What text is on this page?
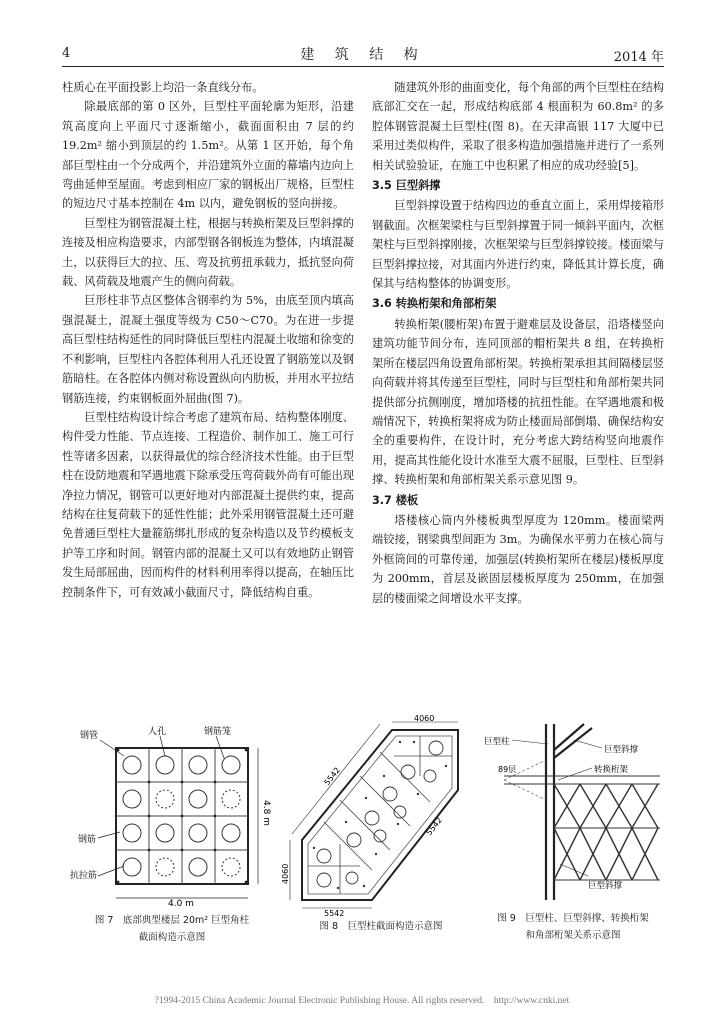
4	建 筑 结 构	2014 年

柱质心在平面投影上均沿一条直线分布。

除最底部的第 0 区外，巨型柱平面轮廓为矩形，沿建筑高度向上平面尺寸逐渐缩小，截面面积由 7 层的约 19.2m² 缩小到顶层的约 1.5m²。从第 1 区开始，每个角部巨型柱由一个分成两个，并沿建筑外立面的幕墙内边向上弯曲延伸至屋面。考虑到相应厂家的钢板出厂规格，巨型柱的短边尺寸基本控制在 4m 以内，避免钢板的竖向拼接。

巨型柱为钢管混凝土柱，根据与转换桁架及巨型斜撑的连接及相应构造要求，内部型钢各钢板连为整体，内填混凝土，以获得巨大的拉、压、弯及抗剪扭承载力，抵抗竖向荷载、风荷载及地震产生的侧向荷载。

巨形柱非节点区整体含钢率约为 5%，由底至顶内填高强混凝土，混凝土强度等级为 C50～C70。为在进一步提高巨型柱结构延性的同时降低巨型柱内混凝土收缩和徐变的不利影响，巨型柱内各腔体利用人孔还设置了钢筋笼以及钢筋暗柱。在各腔体内侧对称设置纵向内肋板，并用水平拉结钢筋连接，约束钢板面外屈曲(图 7)。

巨型柱结构设计综合考虑了建筑布局、结构整体刚度、构件受力性能、节点连接、工程造价、制作加工、施工可行性等诸多因素，以获得最优的综合经济技术性能。由于巨型柱在设防地震和罕遇地震下除承受压弯荷载外尚有可能出现净拉力情况，钢管可以更好地对内部混凝土提供约束，提高结构在往复荷载下的延性性能；此外采用钢管混凝土还可避免普通巨型柱大量箍筋绑扎形成的复杂构造以及节约模板支护等工序和时间。钢管内部的混凝土又可以有效地防止钢管发生局部屈曲，因而构件的材料利用率得以提高，在轴压比控制条件下，可有效减小截面尺寸，降低结构自重。

随建筑外形的曲面变化，每个角部的两个巨型柱在结构底部汇交在一起，形成结构底部 4 根面积为 60.8m² 的多腔体钢管混凝土巨型柱(图 8)。在天津高银 117 大厦中已采用过类似构件，采取了很多构造加强措施并进行了一系列相关试验验证，在施工中也积累了相应的成功经验[5]。

3.5 巨型斜撑

巨型斜撑设置于结构四边的垂直立面上，采用焊接箱形钢截面。次框架梁柱与巨型斜撑置于同一倾斜平面内，次框架柱与巨型斜撑刚接，次框架梁与巨型斜撑铰接。楼面梁与巨型斜撑拉接，对其面内外进行约束，降低其计算长度，确保其与结构整体的协调变形。

3.6 转换桁架和角部桁架

转换桁架(腰桁架)布置于避难层及设备层，沿塔楼竖向建筑功能节间分布，连同顶部的帽桁架共 8 组，在转换桁架所在楼层四角设置角部桁架。转换桁架承担其间隔楼层竖向荷载并将其传递至巨型柱，同时与巨型柱和角部桁架共同提供部分抗侧刚度，增加塔楼的抗扭性能。在罕遇地震和极端情况下，转换桁架将成为防止楼面局部倒塌、确保结构安全的重要构件，在设计时，充分考虑大跨结构竖向地震作用，提高其性能化设计水准至大震不屈服，巨型柱、巨型斜撑、转换桁架和角部桁架关系示意见图 9。

3.7 楼板

塔楼核心筒内外楼板典型厚度为 120mm。楼面梁两端铰接，钢梁典型间距为 3m。为确保水平剪力在核心筒与外框筒间的可靠传递，加强层(转换桁架所在楼层)楼板厚度为 200mm，首层及嵌固层楼板厚度为 250mm，在加强层的楼面梁之间增设水平支撑。

钢管	人孔	钢筋笼
钢筋
抗拉筋
4.0 m
4.8 m
图 7　底部典型楼层 20m² 巨型角柱
截面构造示意图
4060
5542
4060
5542
5542
图 8　巨型柱截面构造示意图
巨型柱
巨型斜撑
转换桁架
89层
巨型斜撑
图 9　巨型柱、巨型斜撑、转换桁架
和角部桁架关系示意图
?1994-2015 China Academic Journal Electronic Publishing House. All rights reserved.　http://www.cnki.net
